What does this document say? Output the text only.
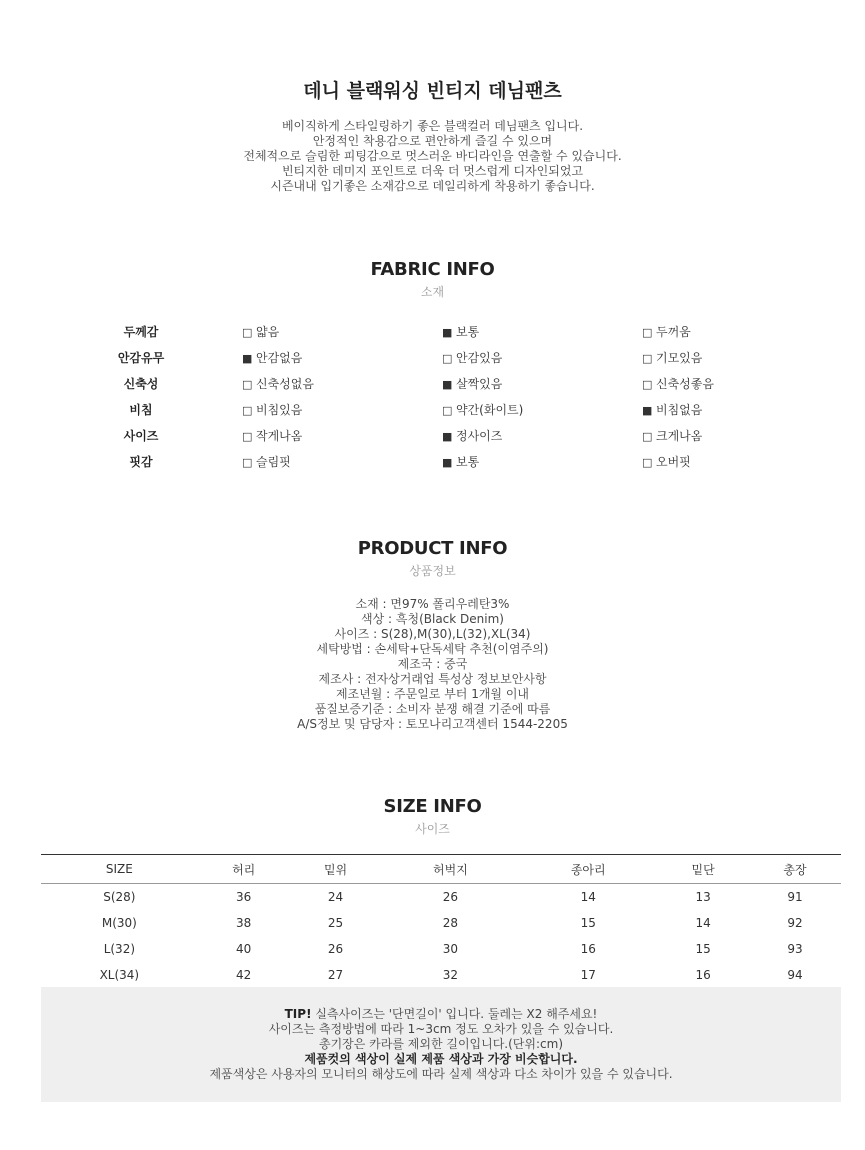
데니 블랙워싱 빈티지 데님팬츠
베이직하게 스타일링하기 좋은 블랙컬러 데님팬츠 입니다.
안정적인 착용감으로 편안하게 즐길 수 있으며
전체적으로 슬림한 피팅감으로 멋스러운 바디라인을 연출할 수 있습니다.
빈티지한 데미지 포인트로 더욱 더 멋스럽게 디자인되었고
시즌내내 입기좋은 소재감으로 데일리하게 착용하기 좋습니다.
FABRIC INFO
소재
두께감	□ 얇음	■ 보통	□ 두꺼움
안감유무	■ 안감없음	□ 안감있음	□ 기모있음
신축성	□ 신축성없음	■ 살짝있음	□ 신축성좋음
비침	□ 비침있음	□ 약간(화이트)	■ 비침없음
사이즈	□ 작게나옴	■ 정사이즈	□ 크게나옴
핏감	□ 슬림핏	■ 보통	□ 오버핏
PRODUCT INFO
상품정보
소재 : 면97% 폴리우레탄3%
색상 : 흑청(Black Denim)
사이즈 : S(28),M(30),L(32),XL(34)
세탁방법 : 손세탁+단독세탁 추천(이염주의)
제조국 : 중국
제조사 : 전자상거래업 특성상 정보보안사항
제조년월 : 주문일로 부터 1개월 이내
품질보증기준 : 소비자 분쟁 해결 기준에 따름
A/S정보 및 담당자 : 토모나리고객센터 1544-2205
SIZE INFO
사이즈
SIZE	허리	밑위	허벅지	종아리	밑단	총장
S(28)	36	24	26	14	13	91
M(30)	38	25	28	15	14	92
L(32)	40	26	30	16	15	93
XL(34)	42	27	32	17	16	94
TIP! 실측사이즈는 '단면길이' 입니다. 둘레는 X2 해주세요!
사이즈는 측정방법에 따라 1~3cm 정도 오차가 있을 수 있습니다.
총기장은 카라를 제외한 길이입니다.(단위:cm)
제품컷의 색상이 실제 제품 색상과 가장 비슷합니다.
제품색상은 사용자의 모니터의 해상도에 따라 실제 색상과 다소 차이가 있을 수 있습니다.
